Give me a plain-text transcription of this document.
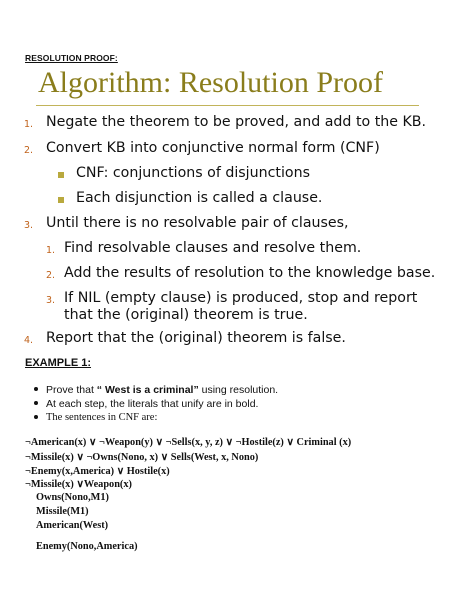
RESOLUTION PROOF:

Algorithm: Resolution Proof

1. Negate the theorem to be proved, and add to the KB.
2. Convert KB into conjunctive normal form (CNF)
CNF: conjunctions of disjunctions
Each disjunction is called a clause.
3. Until there is no resolvable pair of clauses,
1. Find resolvable clauses and resolve them.
2. Add the results of resolution to the knowledge base.
3. If NIL (empty clause) is produced, stop and report
that the (original) theorem is true.
4. Report that the (original) theorem is false.

EXAMPLE 1:

Prove that “ West is a criminal” using resolution.
At each step, the literals that unify are in bold.
The sentences in CNF are:
¬American(x) ∨ ¬Weapon(y) ∨ ¬Sells(x, y, z) ∨ ¬Hostile(z) ∨ Criminal (x)
¬Missile(x) ∨ ¬Owns(Nono, x) ∨ Sells(West, x, Nono)
¬Enemy(x,America) ∨ Hostile(x)
¬Missile(x) ∨Weapon(x)
Owns(Nono,M1)
Missile(M1)
American(West)
Enemy(Nono,America)
